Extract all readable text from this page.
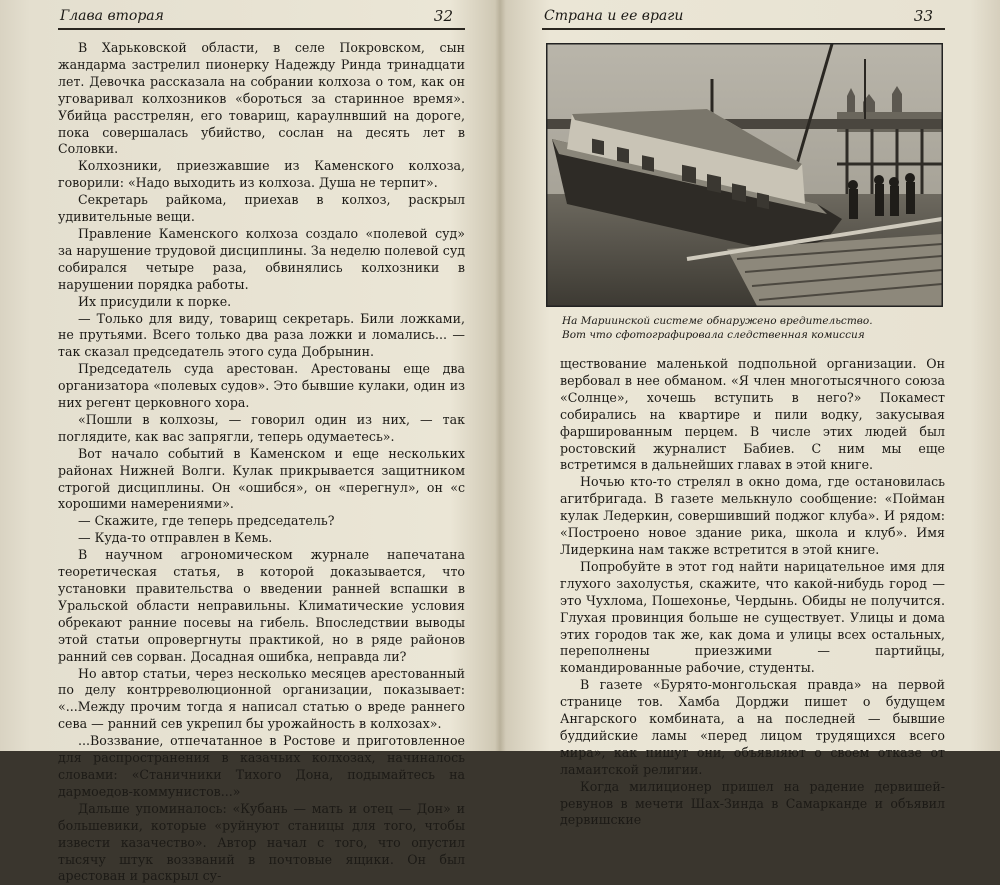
Глава вторая	32

В Харьковской области, в селе Покровском, сын жандарма застрелил пионерку Надежду Ринда тринадцати лет. Девочка рассказала на собрании колхоза о том, как он уговаривал колхозников «бороться за старинное время». Убийца расстрелян, его товарищ, караулнвший на дороге, пока совершалась убийство, сослан на десять лет в Соловки.

Колхозники, приезжавшие из Каменского колхоза, говорили: «Надо выходить из колхоза. Душа не терпит».

Секретарь райкома, приехав в колхоз, раскрыл удивительные вещи.

Правление Каменского колхоза создало «полевой суд» за нарушение трудовой дисциплины. За неделю полевой суд собирался четыре раза, обвинялись колхозники в нарушении порядка работы.

Их присудили к порке.

— Только для виду, товарищ секретарь. Били ложками, не прутьями. Всего только два раза ложки и ломались... — так сказал председатель этого суда Добрынин.

Председатель суда арестован. Арестованы еще два организатора «полевых судов». Это бывшие кулаки, один из них регент церковного хора.

«Пошли в колхозы, — говорил один из них, — так поглядите, как вас запрягли, теперь одумаетесь».

Вот начало событий в Каменском и еще нескольких районах Нижней Волги. Кулак прикрывается защитником строгой дисциплины. Он «ошибся», он «перегнул», он «с хорошими намерениями».

— Скажите, где теперь председатель?

— Куда-то отправлен в Кемь.

В научном агрономическом журнале напечатана теоретическая статья, в которой доказывается, что установки правительства о введении ранней вспашки в Уральской области неправильны. Климатические условия обрекают ранние посевы на гибель. Впоследствии выводы этой статьи опровергнуты практикой, но в ряде районов ранний сев сорван. Досадная ошибка, неправда ли?

Но автор статьи, через несколько месяцев арестованный по делу контрреволюционной организации, показывает: «...Между прочим тогда я написал статью о вреде раннего сева — ранний сев укрепил бы урожайность в колхозах».

...Воззвание, отпечатанное в Ростове и приготовленное для распространения в казачьих колхозах, начиналось словами: «Станичники Тихого Дона, подымайтесь на дармоедов-коммунистов...»

Дальше упоминалось: «Кубань — мать и отец — Дон» и большевики, которые «руйнуют станицы для того, чтобы извести казачество». Автор начал с того, что опустил тысячу штук воззваний в почтовые ящики. Он был арестован и раскрыл су-

Страна и ее враги	33

На Мариинской системе обнаружено вредительство.

Вот что сфотографировала следственная комиссия

ществование маленькой подпольной организации. Он вербовал в нее обманом. «Я член многотысячного союза «Солнце», хочешь вступить в него?» Покамест собирались на квартире и пили водку, закусывая фаршированным перцем. В числе этих людей был ростовский журналист Бабиев. С ним мы еще встретимся в дальнейших главах в этой книге.

Ночью кто-то стрелял в окно дома, где остановилась агитбригада. В газете мелькнуло сообщение: «Пойман кулак Ледеркин, совершивший поджог клуба». И рядом: «Построено новое здание рика, школа и клуб». Имя Лидеркина нам также встретится в этой книге.

Попробуйте в этот год найти нарицательное имя для глухого захолустья, скажите, что какой-нибудь город — это Чухлома, Пошехонье, Чердынь. Обиды не получится. Глухая провинция больше не существует. Улицы и дома этих городов так же, как дома и улицы всех остальных, переполнены приезжими — партийцы, командированные рабочие, студенты.

В газете «Бурято-монгольская правда» на первой странице тов. Хамба Дорджи пишет о будущем Ангарского комбината, а на последней — бывшие буддийские ламы «перед лицом трудящихся всего мира», как пишут они, объявляют о своем отказе от ламаитской религии.

Когда милиционер пришел на радение дервишей-ревунов в мечети Шах-Зинда в Самарканде и объявил дервишские
